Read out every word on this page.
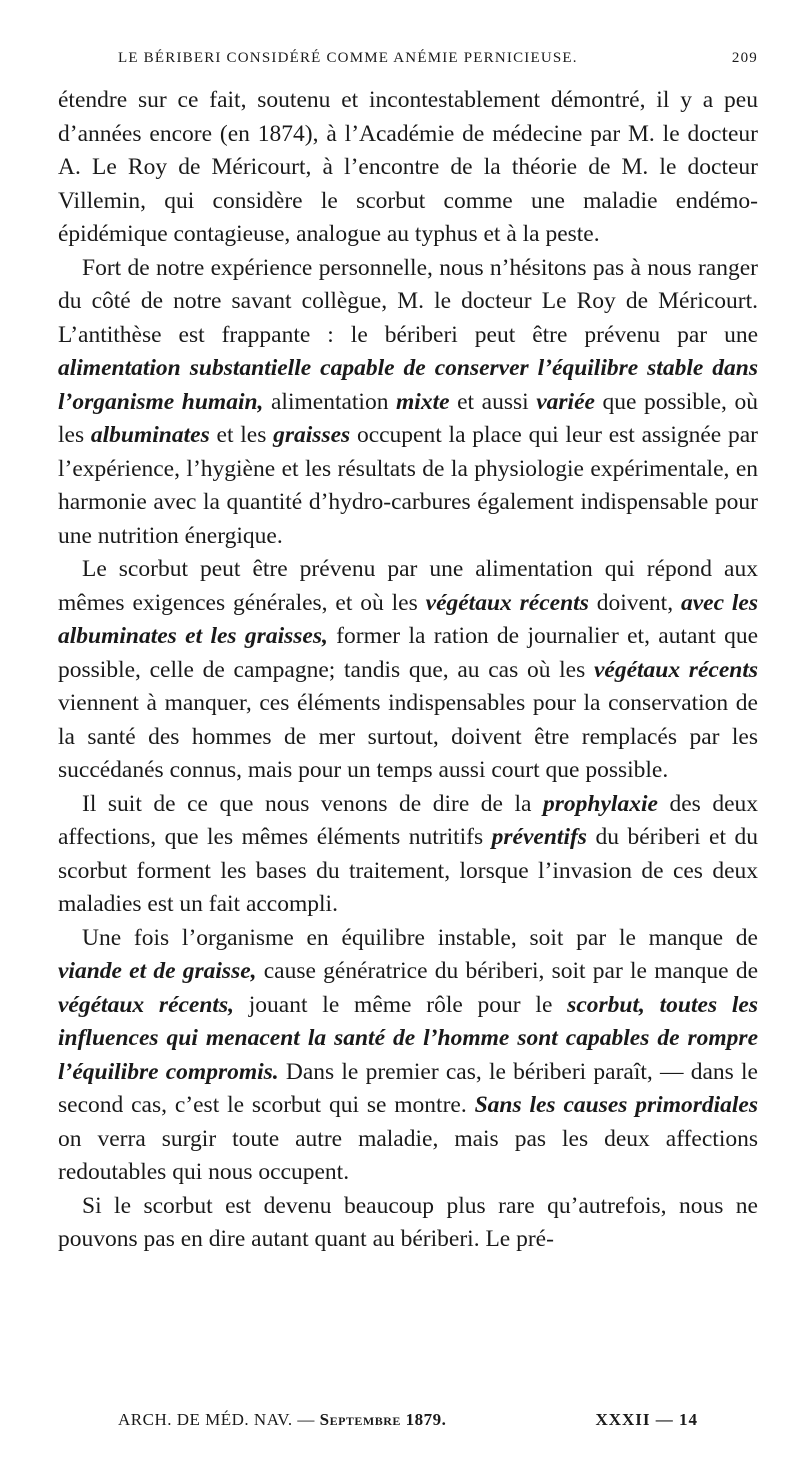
LE BÉRIBERI CONSIDÉRÉ COMME ANÉMIE PERNICIEUSE.	209

étendre sur ce fait, soutenu et incontestablement démontré, il y a peu d’années encore (en 1874), à l’Académie de médecine par M. le docteur A. Le Roy de Méricourt, à l’encontre de la théorie de M. le docteur Villemin, qui considère le scorbut comme une maladie endémo-épidémique contagieuse, analogue au typhus et à la peste.

Fort de notre expérience personnelle, nous n’hésitons pas à nous ranger du côté de notre savant collègue, M. le docteur Le Roy de Méricourt. L’antithèse est frappante : le bériberi peut être prévenu par une alimentation substantielle capable de conserver l’équilibre stable dans l’organisme humain, alimentation mixte et aussi variée que possible, où les albuminates et les graisses occupent la place qui leur est assignée par l’expérience, l’hygiène et les résultats de la physiologie expérimentale, en harmonie avec la quantité d’hydro-carbures également indispensable pour une nutrition énergique.

Le scorbut peut être prévenu par une alimentation qui répond aux mêmes exigences générales, et où les végétaux récents doivent, avec les albuminates et les graisses, former la ration de journalier et, autant que possible, celle de campagne; tandis que, au cas où les végétaux récents viennent à manquer, ces éléments indispensables pour la conservation de la santé des hommes de mer surtout, doivent être remplacés par les succédanés connus, mais pour un temps aussi court que possible.

Il suit de ce que nous venons de dire de la prophylaxie des deux affections, que les mêmes éléments nutritifs préventifs du bériberi et du scorbut forment les bases du traitement, lorsque l’invasion de ces deux maladies est un fait accompli.

Une fois l’organisme en équilibre instable, soit par le manque de viande et de graisse, cause génératrice du bériberi, soit par le manque de végétaux récents, jouant le même rôle pour le scorbut, toutes les influences qui menacent la santé de l’homme sont capables de rompre l’équilibre compromis. Dans le premier cas, le bériberi paraît, — dans le second cas, c’est le scorbut qui se montre. Sans les causes primordiales on verra surgir toute autre maladie, mais pas les deux affections redoutables qui nous occupent.

Si le scorbut est devenu beaucoup plus rare qu’autrefois, nous ne pouvons pas en dire autant quant au bériberi. Le pré-

ARCH. DE MÉD. NAV. — Septembre 1879.	XXXII — 14
